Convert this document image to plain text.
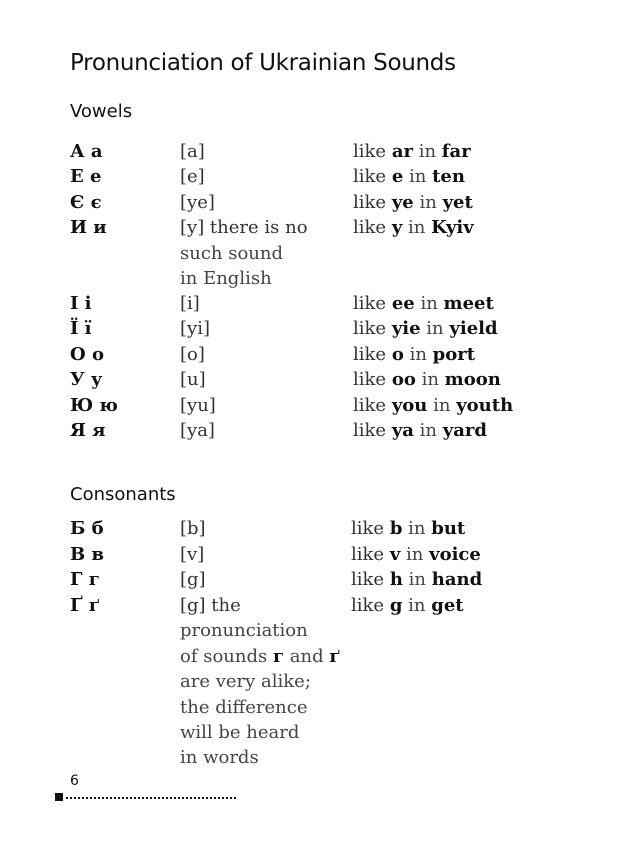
Pronunciation of Ukrainian Sounds
Vowels
А а	[a]	like ar in far
Е е	[e]	like e in ten
Є є	[ye]	like ye in yet
И и	[y] there is no	like y in Kyiv
such sound
in English
І і	[i]	like ee in meet
Ї ї	[yi]	like yie in yield
О о	[o]	like o in port
У у	[u]	like oo in moon
Ю ю	[yu]	like you in youth
Я я	[ya]	like ya in yard
Consonants
Б б	[b]	like b in but
В в	[v]	like v in voice
Г г	[g]	like h in hand
Ґ ґ	[g] the	like g in get
pronunciation
of sounds г and ґ
are very alike;
the difference
will be heard
in words
6
